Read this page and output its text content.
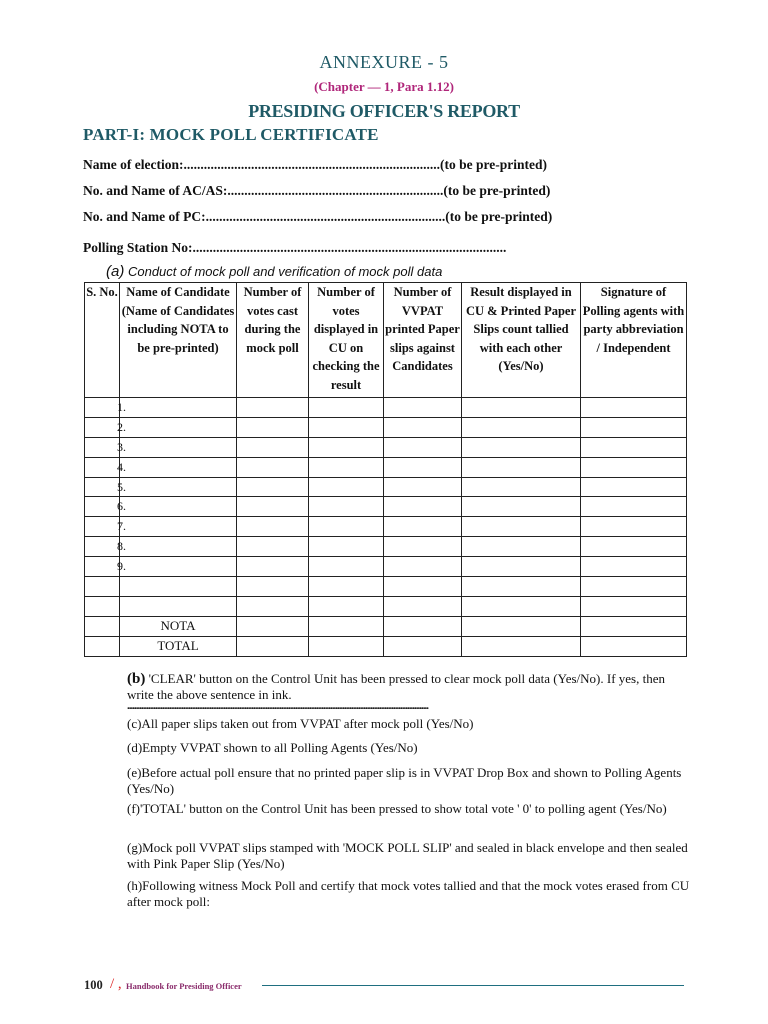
ANNEXURE - 5
(Chapter — 1, Para 1.12)
PRESIDING OFFICER'S REPORT
PART-I: MOCK POLL CERTIFICATE
Name of election:............................................................................(to be pre-printed)
No. and Name of AC/AS:................................................................(to be pre-printed)
No. and Name of PC:.......................................................................(to be pre-printed)
Polling Station No:.............................................................................................
(a) Conduct of mock poll and verification of mock poll data
S. No.	Name of Candidate (Name of Candidates including NOTA to be pre-printed)	Number of votes cast during the mock poll	Number of votes displayed in CU on checking the result	Number of VVPAT printed Paper slips against Candidates	Result displayed in CU & Printed Paper Slips count tallied with each other (Yes/No)	Signature of Polling agents with party abbreviation / Independent
1.						
2.						
3.						
4.						
5.						
6.						
7.						
8.						
9.						

	NOTA					
	TOTAL					
(b) 'CLEAR' button on the Control Unit has been pressed to clear mock poll data (Yes/No). If yes, then write the above sentence in ink.
............................................................................................................................................................................
(c)All paper slips taken out from VVPAT after mock poll (Yes/No)
(d)Empty VVPAT shown to all Polling Agents (Yes/No)
(e)Before actual poll ensure that no printed paper slip is in VVPAT Drop Box and shown to Polling Agents (Yes/No)
(f)'TOTAL' button on the Control Unit has been pressed to show total vote ' 0' to polling agent (Yes/No)
(g)Mock poll VVPAT slips stamped with 'MOCK POLL SLIP' and sealed in black envelope and then sealed with Pink Paper Slip (Yes/No)
(h)Following witness Mock Poll and certify that mock votes tallied and that the mock votes erased from CU after mock poll:
100 / , Handbook for Presiding Officer
